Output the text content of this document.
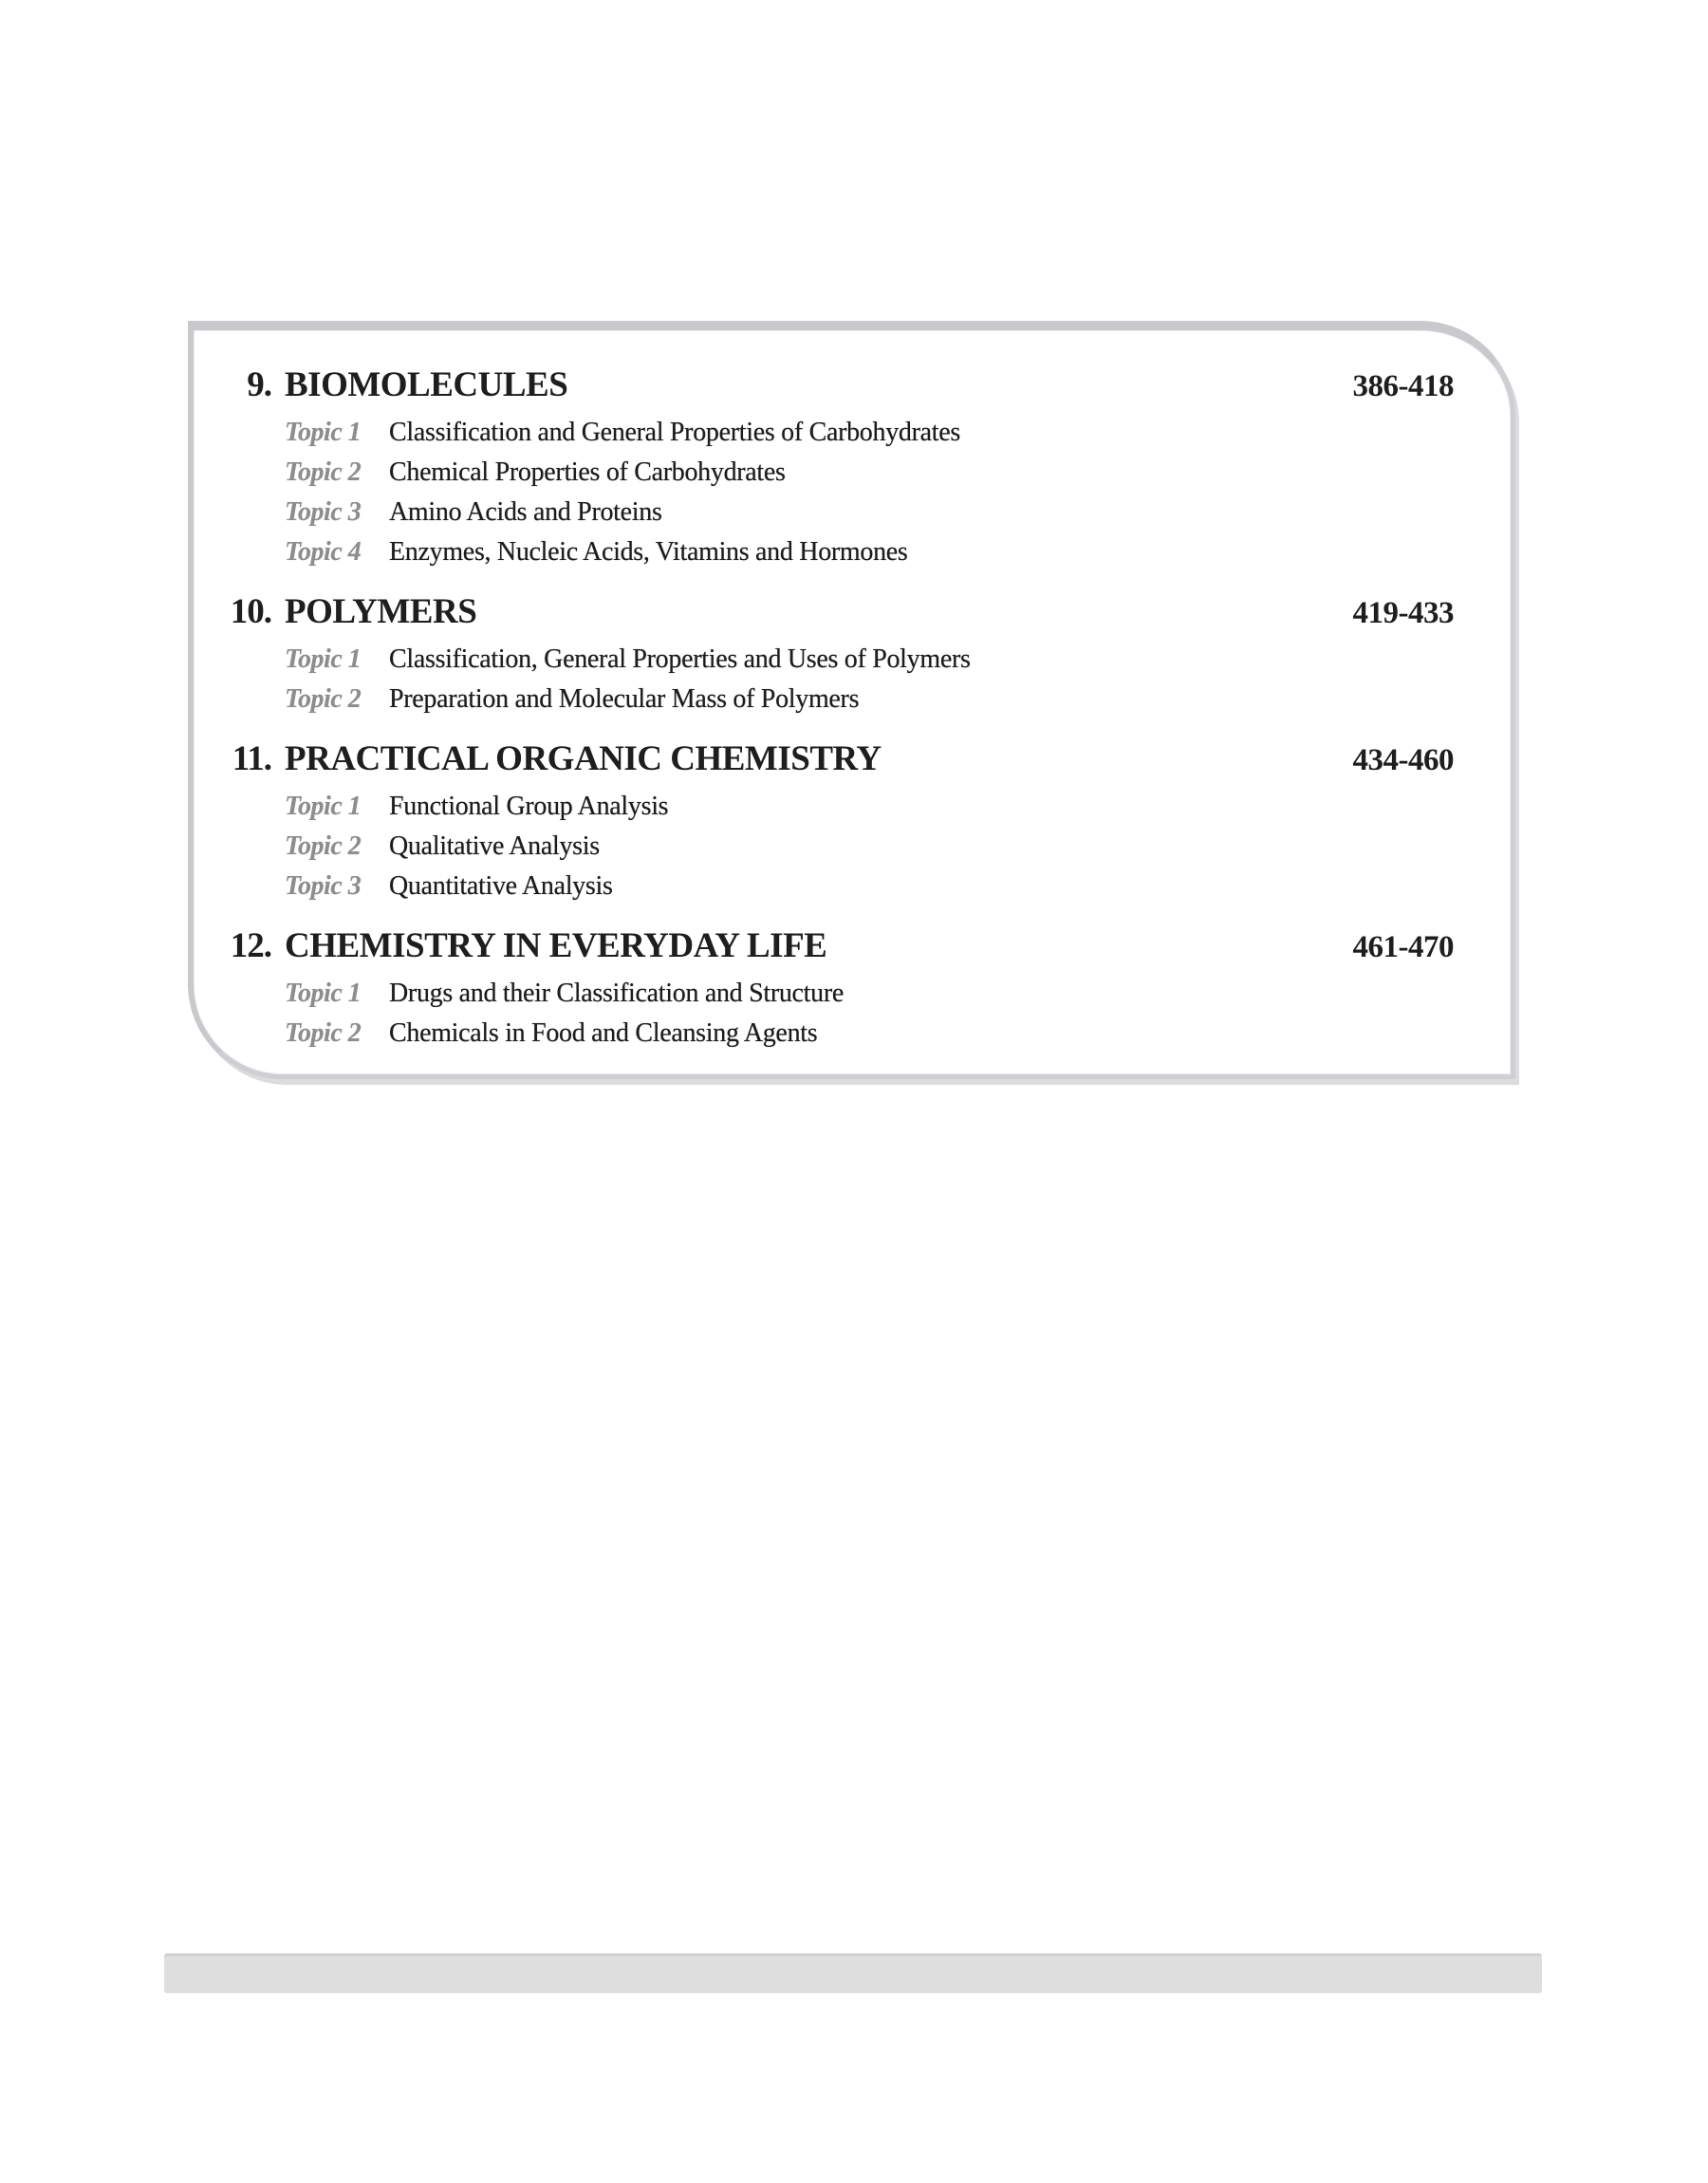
9. BIOMOLECULES	386-418
Topic 1	Classification and General Properties of Carbohydrates
Topic 2	Chemical Properties of Carbohydrates
Topic 3	Amino Acids and Proteins
Topic 4	Enzymes, Nucleic Acids, Vitamins and Hormones
10. POLYMERS	419-433
Topic 1	Classification, General Properties and Uses of Polymers
Topic 2	Preparation and Molecular Mass of Polymers
11. PRACTICAL ORGANIC CHEMISTRY	434-460
Topic 1	Functional Group Analysis
Topic 2	Qualitative Analysis
Topic 3	Quantitative Analysis
12. CHEMISTRY IN EVERYDAY LIFE	461-470
Topic 1	Drugs and their Classification and Structure
Topic 2	Chemicals in Food and Cleansing Agents
